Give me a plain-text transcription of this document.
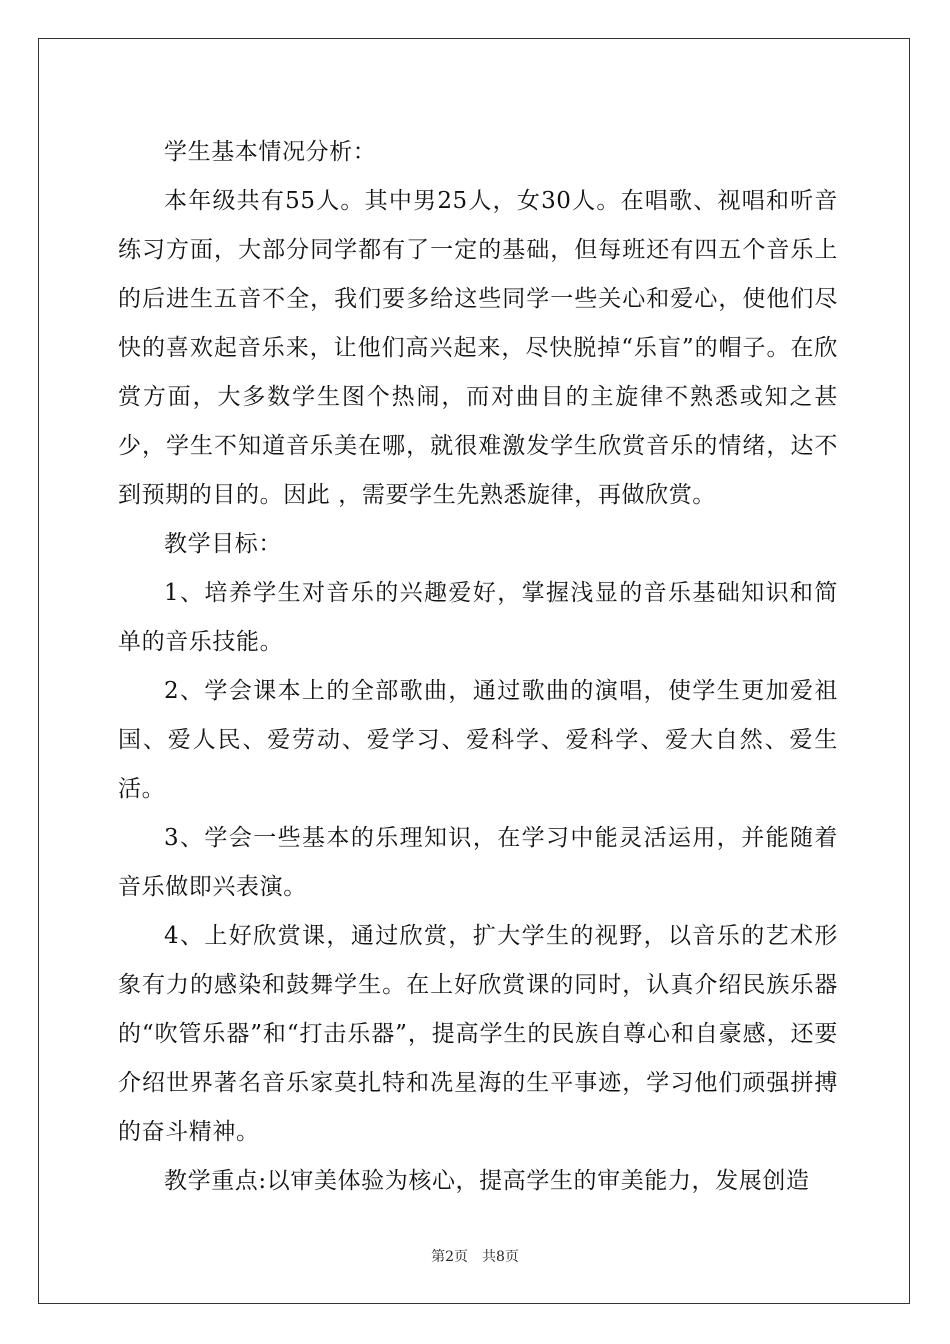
学生基本情况分析：

本年级共有55人。其中男25人，女30人。在唱歌、视唱和听音练习方面，大部分同学都有了一定的基础，但每班还有四五个音乐上的后进生五音不全，我们要多给这些同学一些关心和爱心，使他们尽快的喜欢起音乐来，让他们高兴起来，尽快脱掉“乐盲”的帽子。在欣赏方面，大多数学生图个热闹，而对曲目的主旋律不熟悉或知之甚少，学生不知道音乐美在哪，就很难激发学生欣赏音乐的情绪，达不到预期的目的。因此 ，需要学生先熟悉旋律，再做欣赏。

教学目标：

1、培养学生对音乐的兴趣爱好，掌握浅显的音乐基础知识和简单的音乐技能。

2、学会课本上的全部歌曲，通过歌曲的演唱，使学生更加爱祖国、爱人民、爱劳动、爱学习、爱科学、爱科学、爱大自然、爱生活。

3、学会一些基本的乐理知识，在学习中能灵活运用，并能随着音乐做即兴表演。

4、上好欣赏课，通过欣赏，扩大学生的视野，以音乐的艺术形象有力的感染和鼓舞学生。在上好欣赏课的同时，认真介绍民族乐器的“吹管乐器”和“打击乐器”，提高学生的民族自尊心和自豪感，还要介绍世界著名音乐家莫扎特和冼星海的生平事迹，学习他们顽强拼搏的奋斗精神。

教学重点:以审美体验为核心，提高学生的审美能力，发展创造

第2页　共8页
